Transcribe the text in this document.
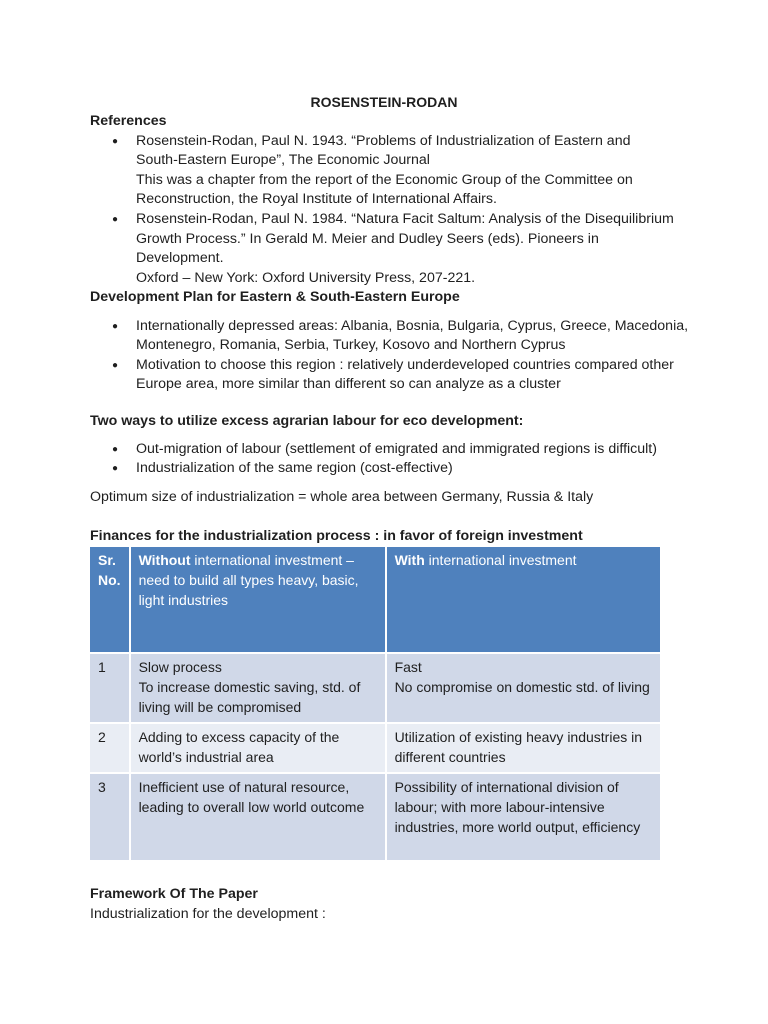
ROSENSTEIN-RODAN
References
● Rosenstein-Rodan, Paul N. 1943. “Problems of Industrialization of Eastern and
South-Eastern Europe”, The Economic Journal
This was a chapter from the report of the Economic Group of the Committee on
Reconstruction, the Royal Institute of International Affairs.
● Rosenstein-Rodan, Paul N. 1984. “Natura Facit Saltum: Analysis of the Disequilibrium
Growth Process.” In Gerald M. Meier and Dudley Seers (eds). Pioneers in Development.
Oxford – New York: Oxford University Press, 207-221.
Development Plan for Eastern & South-Eastern Europe
● Internationally depressed areas: Albania, Bosnia, Bulgaria, Cyprus, Greece, Macedonia,
Montenegro, Romania, Serbia, Turkey, Kosovo and Northern Cyprus
● Motivation to choose this region : relatively underdeveloped countries compared other
Europe area, more similar than different so can analyze as a cluster
Two ways to utilize excess agrarian labour for eco development:
● Out-migration of labour (settlement of emigrated and immigrated regions is difficult)
● Industrialization of the same region (cost-effective)
Optimum size of industrialization = whole area between Germany, Russia & Italy
Finances for the industrialization process : in favor of foreign investment
Sr.
No.	Without international investment –
need to build all types heavy, basic,
light industries	With international investment
1	Slow process
To increase domestic saving, std. of
living will be compromised	Fast
No compromise on domestic std. of living
2	Adding to excess capacity of the
world’s industrial area	Utilization of existing heavy industries in
different countries
3	Inefficient use of natural resource,
leading to overall low world outcome	Possibility of international division of
labour; with more labour-intensive
industries, more world output, efficiency
Framework Of The Paper
Industrialization for the development :
